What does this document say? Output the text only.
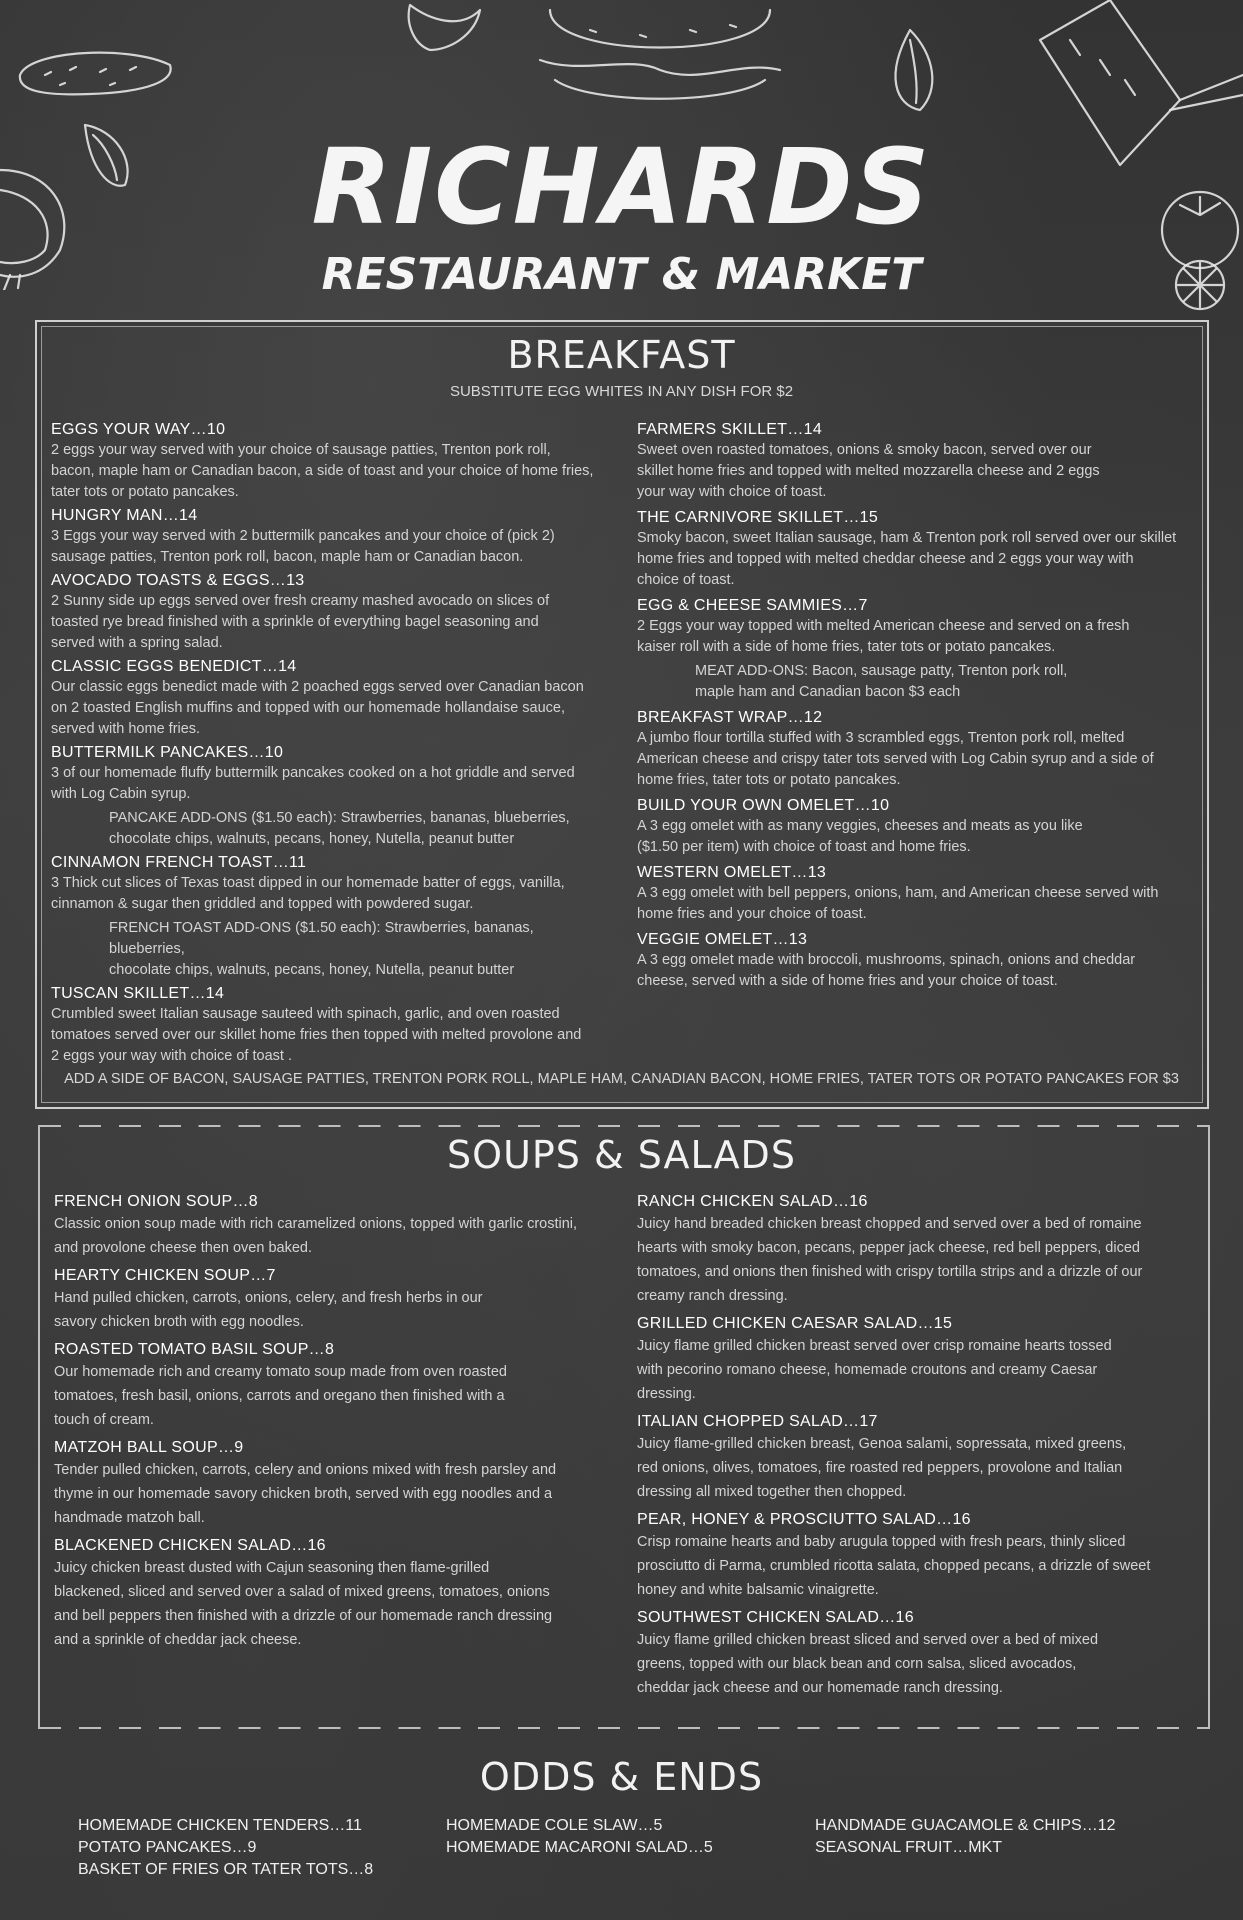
RICHARDS
RESTAURANT & MARKET
BREAKFAST
SUBSTITUTE EGG WHITES IN ANY DISH FOR $2
EGGS YOUR WAY…10
2 eggs your way served with your choice of sausage patties, Trenton pork roll,
bacon, maple ham or Canadian bacon, a side of toast and your choice of home fries,
tater tots or potato pancakes.
HUNGRY MAN…14
3 Eggs your way served with 2 buttermilk pancakes and your choice of (pick 2)
sausage patties, Trenton pork roll, bacon, maple ham or Canadian bacon.
AVOCADO TOASTS & EGGS…13
2 Sunny side up eggs served over fresh creamy mashed avocado on slices of
toasted rye bread finished with a sprinkle of everything bagel seasoning and
served with a spring salad.
CLASSIC EGGS BENEDICT…14
Our classic eggs benedict made with 2 poached eggs served over Canadian bacon
on 2 toasted English muffins and topped with our homemade hollandaise sauce,
served with home fries.
BUTTERMILK PANCAKES…10
3 of our homemade fluffy buttermilk pancakes cooked on a hot griddle and served
with Log Cabin syrup.
PANCAKE ADD-ONS ($1.50 each): Strawberries, bananas, blueberries,
chocolate chips, walnuts, pecans, honey, Nutella, peanut butter
CINNAMON FRENCH TOAST…11
3 Thick cut slices of Texas toast dipped in our homemade batter of eggs, vanilla,
cinnamon & sugar then griddled and topped with powdered sugar.
FRENCH TOAST ADD-ONS ($1.50 each): Strawberries, bananas, blueberries,
chocolate chips, walnuts, pecans, honey, Nutella, peanut butter
TUSCAN SKILLET…14
Crumbled sweet Italian sausage sauteed with spinach, garlic, and oven roasted
tomatoes served over our skillet home fries then topped with melted provolone and
2 eggs your way with choice of toast .
FARMERS SKILLET…14
Sweet oven roasted tomatoes, onions & smoky bacon, served over our
skillet home fries and topped with melted mozzarella cheese and 2 eggs
your way with choice of toast.
THE CARNIVORE SKILLET…15
Smoky bacon, sweet Italian sausage, ham & Trenton pork roll served over our skillet
home fries and topped with melted cheddar cheese and 2 eggs your way with
choice of toast.
EGG & CHEESE SAMMIES…7
2 Eggs your way topped with melted American cheese and served on a fresh
kaiser roll with a side of home fries, tater tots or potato pancakes.
MEAT ADD-ONS: Bacon, sausage patty, Trenton pork roll,
maple ham and Canadian bacon $3 each
BREAKFAST WRAP…12
A jumbo flour tortilla stuffed with 3 scrambled eggs, Trenton pork roll, melted
American cheese and crispy tater tots served with Log Cabin syrup and a side of
home fries, tater tots or potato pancakes.
BUILD YOUR OWN OMELET…10
A 3 egg omelet with as many veggies, cheeses and meats as you like
($1.50 per item) with choice of toast and home fries.
WESTERN OMELET…13
A 3 egg omelet with bell peppers, onions, ham, and American cheese served with
home fries and your choice of toast.
VEGGIE OMELET…13
A 3 egg omelet made with broccoli, mushrooms, spinach, onions and cheddar
cheese, served with a side of home fries and your choice of toast.
ADD A SIDE OF BACON, SAUSAGE PATTIES, TRENTON PORK ROLL, MAPLE HAM, CANADIAN BACON, HOME FRIES, TATER TOTS OR POTATO PANCAKES FOR $3
SOUPS & SALADS
FRENCH ONION SOUP…8
Classic onion soup made with rich caramelized onions, topped with garlic crostini,
and provolone cheese then oven baked.
HEARTY CHICKEN SOUP…7
Hand pulled chicken, carrots, onions, celery, and fresh herbs in our
savory chicken broth with egg noodles.
ROASTED TOMATO BASIL SOUP…8
Our homemade rich and creamy tomato soup made from oven roasted
tomatoes, fresh basil, onions, carrots and oregano then finished with a
touch of cream.
MATZOH BALL SOUP…9
Tender pulled chicken, carrots, celery and onions mixed with fresh parsley and
thyme in our homemade savory chicken broth, served with egg noodles and a
handmade matzoh ball.
BLACKENED CHICKEN SALAD…16
Juicy chicken breast dusted with Cajun seasoning then flame-grilled
blackened, sliced and served over a salad of mixed greens, tomatoes, onions
and bell peppers then finished with a drizzle of our homemade ranch dressing
and a sprinkle of cheddar jack cheese.
RANCH CHICKEN SALAD…16
Juicy hand breaded chicken breast chopped and served over a bed of romaine
hearts with smoky bacon, pecans, pepper jack cheese, red bell peppers, diced
tomatoes, and onions then finished with crispy tortilla strips and a drizzle of our
creamy ranch dressing.
GRILLED CHICKEN CAESAR SALAD…15
Juicy flame grilled chicken breast served over crisp romaine hearts tossed
with pecorino romano cheese, homemade croutons and creamy Caesar
dressing.
ITALIAN CHOPPED SALAD…17
Juicy flame-grilled chicken breast, Genoa salami, sopressata, mixed greens,
red onions, olives, tomatoes, fire roasted red peppers, provolone and Italian
dressing all mixed together then chopped.
PEAR, HONEY & PROSCIUTTO SALAD…16
Crisp romaine hearts and baby arugula topped with fresh pears, thinly sliced
prosciutto di Parma, crumbled ricotta salata, chopped pecans, a drizzle of sweet
honey and white balsamic vinaigrette.
SOUTHWEST CHICKEN SALAD…16
Juicy flame grilled chicken breast sliced and served over a bed of mixed
greens, topped with our black bean and corn salsa, sliced avocados,
cheddar jack cheese and our homemade ranch dressing.
ODDS & ENDS
HOMEMADE CHICKEN TENDERS…11
POTATO PANCAKES…9
BASKET OF FRIES OR TATER TOTS…8
HOMEMADE COLE SLAW…5
HOMEMADE MACARONI SALAD…5
HANDMADE GUACAMOLE & CHIPS…12
SEASONAL FRUIT…MKT
